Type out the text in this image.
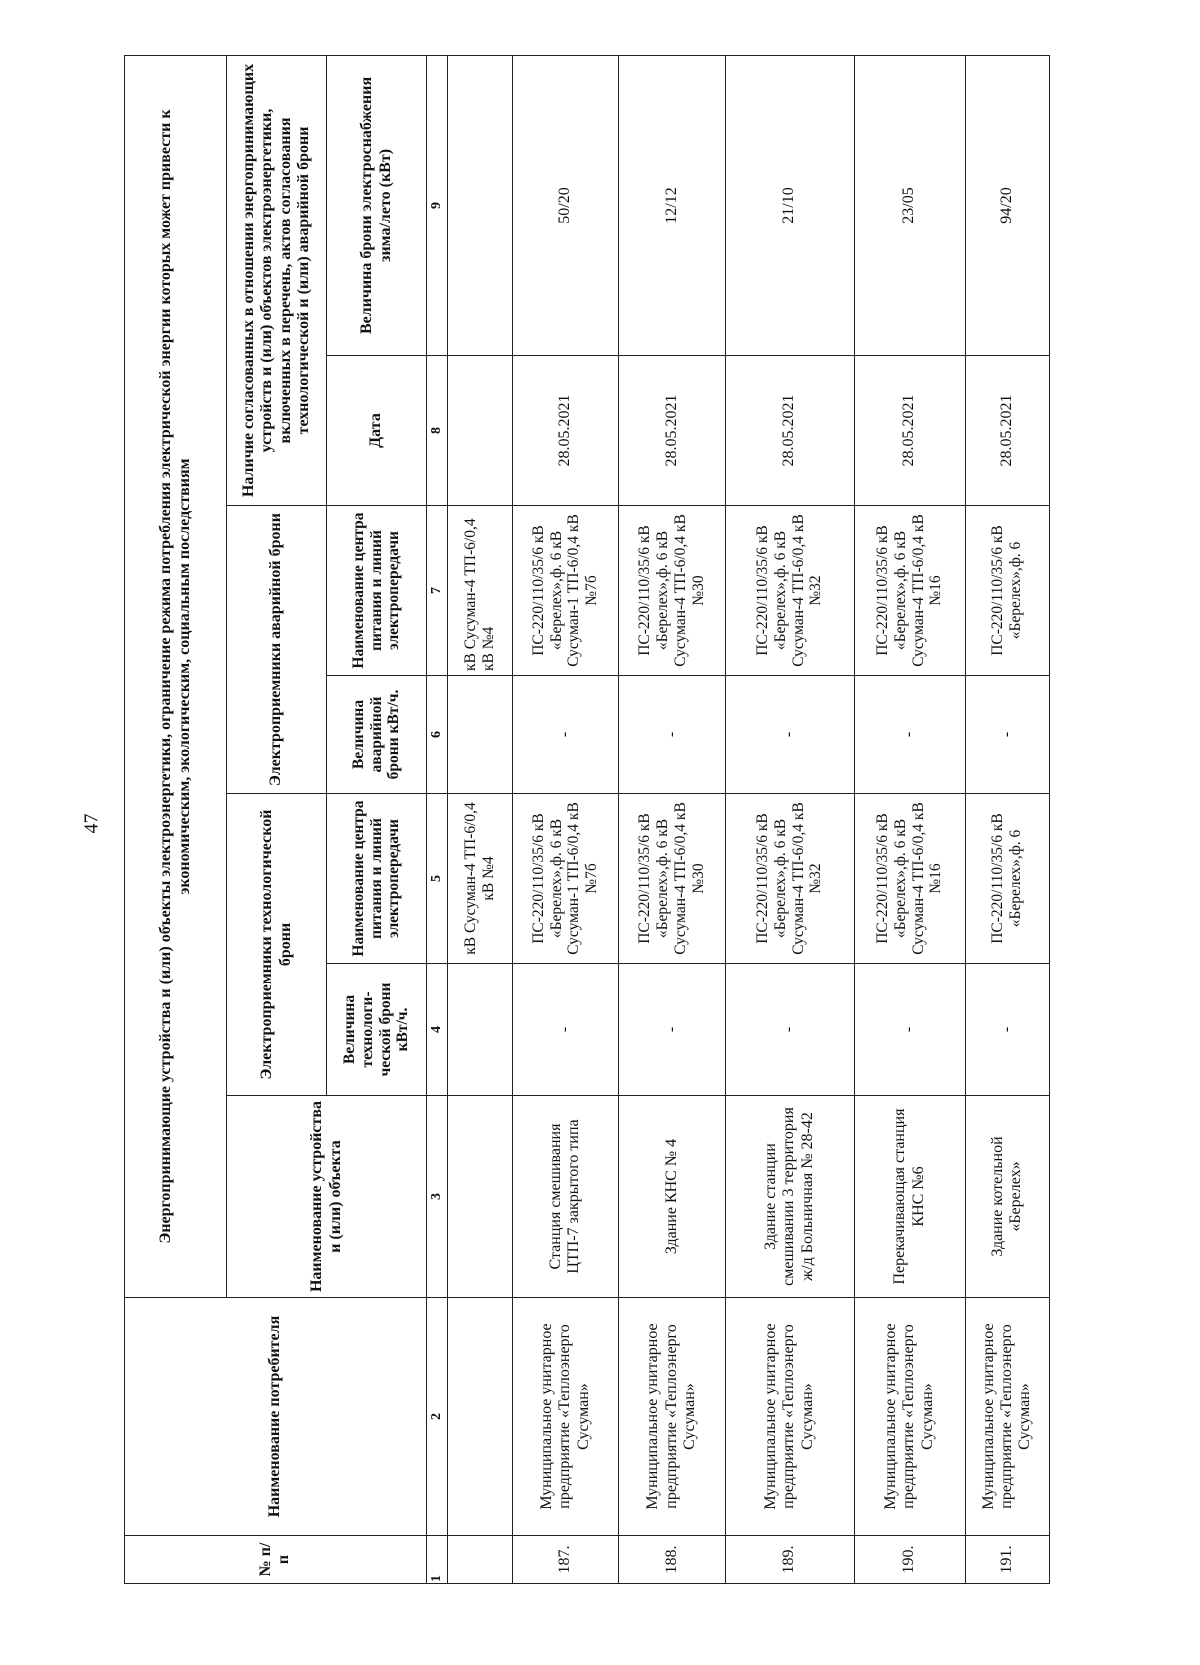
47
№ п/п	Наименование потребителя	Энергопринимающие устройства и (или) объекты электроэнергетики, ограничение режима потребления электрической энергии которых может привести к экономическим, экологическим, социальным последствиям						
		Наименование устройства и (или) объекта	Электроприемники технологической брони		Электроприемники аварийной брони		Наличие согласованных в отношении энергопринимающих устройств и (или) объектов электроэнергетики, включенных в перечень, актов согласования технологической и (или) аварийной брони	
			Величина технологи-ческой брони кВт/ч.	Наименование центра питания и линий электропередачи	Величина аварийной брони кВт/ч.	Наименование центра питания и линий электропередачи	Дата	Величина брони электроснабжения зима/лето (кВт)
1	2	3	4	5	6	7	8	9
				кВ Сусуман-4 ТП-6/0,4 кВ №4		кВ Сусуман-4 ТП-6/0,4 кВ №4		
187.	Муниципальное унитарное предприятие «Теплоэнерго Сусуман»	Станция смешивания ЦТП-7 закрытого типа	-	ПС-220/110/35/6 кВ «Берелех»,ф. 6 кВ Сусуман-1 ТП-6/0,4 кВ №7б	-	ПС-220/110/35/6 кВ «Берелех»,ф. 6 кВ Сусуман-1 ТП-6/0,4 кВ №7б	28.05.2021	50/20
188.	Муниципальное унитарное предприятие «Теплоэнерго Сусуман»	Здание КНС № 4	-	ПС-220/110/35/6 кВ «Берелех»,ф. 6 кВ Сусуман-4 ТП-6/0,4 кВ №30	-	ПС-220/110/35/6 кВ «Берелех»,ф. 6 кВ Сусуман-4 ТП-6/0,4 кВ №30	28.05.2021	12/12
189.	Муниципальное унитарное предприятие «Теплоэнерго Сусуман»	Здание станции смешивании 3 территория ж/д Больничная № 28-42	-	ПС-220/110/35/6 кВ «Берелех»,ф. 6 кВ Сусуман-4 ТП-6/0,4 кВ №32	-	ПС-220/110/35/6 кВ «Берелех»,ф. 6 кВ Сусуман-4 ТП-6/0,4 кВ №32	28.05.2021	21/10
190.	Муниципальное унитарное предприятие «Теплоэнерго Сусуман»	Перекачивающая станция КНС №6	-	ПС-220/110/35/6 кВ «Берелех»,ф. 6 кВ Сусуман-4 ТП-6/0,4 кВ №16	-	ПС-220/110/35/6 кВ «Берелех»,ф. 6 кВ Сусуман-4 ТП-6/0,4 кВ №16	28.05.2021	23/05
191.	Муниципальное унитарное предприятие «Теплоэнерго Сусуман»	Здание котельной «Берелех»	-	ПС-220/110/35/6 кВ «Берелех»,ф. 6	-	ПС-220/110/35/6 кВ «Берелех»,ф. 6	28.05.2021	94/20
